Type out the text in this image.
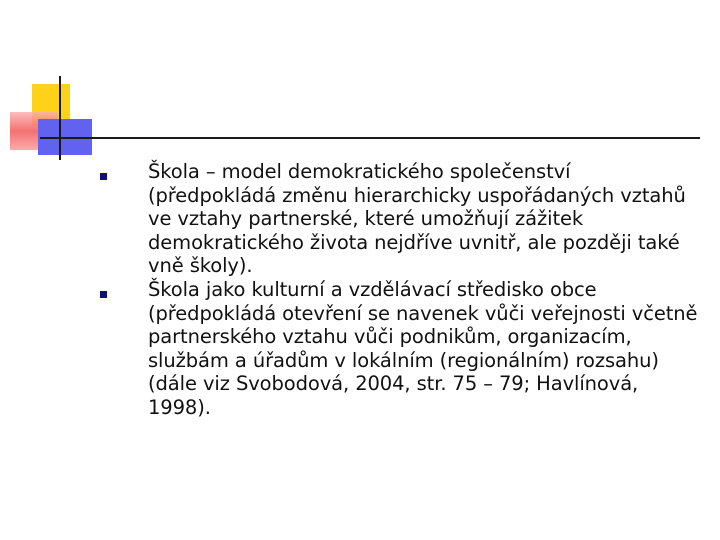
Škola – model demokratického společenství (předpokládá změnu hierarchicky uspořádaných vztahů ve vztahy partnerské, které umožňují zážitek demokratického života nejdříve uvnitř, ale později také vně školy).
Škola jako kulturní a vzdělávací středisko obce (předpokládá otevření se navenek vůči veřejnosti včetně partnerského vztahu vůči podnikům, organizacím, službám a úřadům v lokálním (regionálním) rozsahu) (dále viz Svobodová, 2004, str. 75 – 79; Havlínová, 1998).
